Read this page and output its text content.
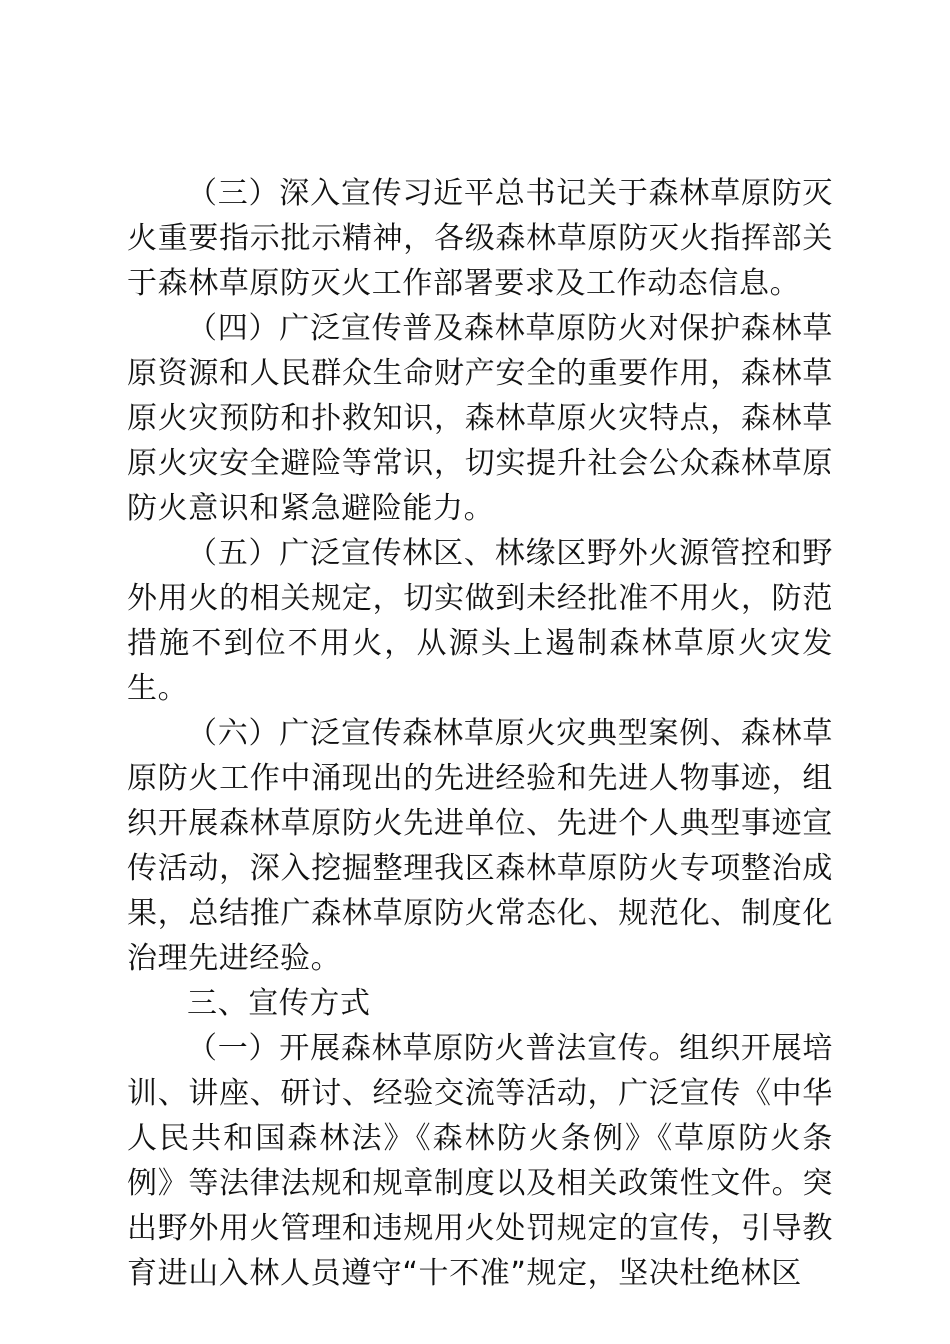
（三）深入宣传习近平总书记关于森林草原防灭火重要指示批示精神，各级森林草原防灭火指挥部关于森林草原防灭火工作部署要求及工作动态信息。

（四）广泛宣传普及森林草原防火对保护森林草原资源和人民群众生命财产安全的重要作用，森林草原火灾预防和扑救知识，森林草原火灾特点，森林草原火灾安全避险等常识，切实提升社会公众森林草原防火意识和紧急避险能力。

（五）广泛宣传林区、林缘区野外火源管控和野外用火的相关规定，切实做到未经批准不用火，防范措施不到位不用火，从源头上遏制森林草原火灾发生。

（六）广泛宣传森林草原火灾典型案例、森林草原防火工作中涌现出的先进经验和先进人物事迹，组织开展森林草原防火先进单位、先进个人典型事迹宣传活动，深入挖掘整理我区森林草原防火专项整治成果，总结推广森林草原防火常态化、规范化、制度化治理先进经验。

三、宣传方式

（一）开展森林草原防火普法宣传。组织开展培训、讲座、研讨、经验交流等活动，广泛宣传《中华人民共和国森林法》《森林防火条例》《草原防火条例》等法律法规和规章制度以及相关政策性文件。突出野外用火管理和违规用火处罚规定的宣传，引导教育进山入林人员遵守“十不准”规定，坚决杜绝林区
